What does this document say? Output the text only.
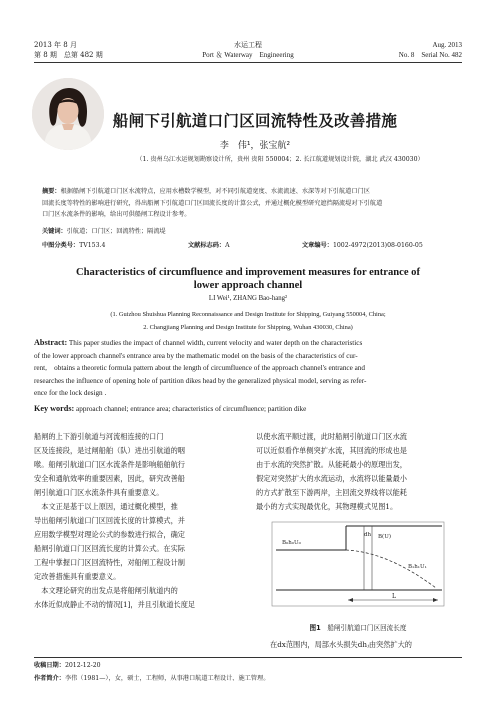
2013 年 8 月
第 8 期　总第 482 期
水运工程
Port ＆ Waterway　Engineering
Aug. 2013
No. 8　Serial No. 482
船闸下引航道口门区回流特性及改善措施
李　伟¹，张宝航²
（1. 贵州乌江水运规划勘察设计所，贵州 贵阳 550004；2. 长江航道规划设计院，湖北 武汉 430030）
摘要：根据船闸下引航道口门区水流特点，应用水槽数学模型，对不同引航道宽度、水流流速、水深等对下引航道口门区
回流长度等特性的影响进行研究，得出船闸下引航道口门区回流长度的计算公式，并通过概化模型研究遮挡隔流堤对下引航道
口门区水流条件的影响，给出可供船闸工程设计参考。
关键词：引航道；口门区；回流特性；隔流堤
中图分类号：TV153.4	文献标志码：A	文章编号：1002-4972(2013)08-0160-05
Characteristics of circumfluence and improvement measures for entrance of
lower approach channel
LI Wei¹, ZHANG Bao-hang²
(1. Guizhou Shuishua Planning Reconnaissance and Design Institute for Shipping, Guiyang 550004, China;
2. Changjiang Planning and Design Institute for Shipping, Wuhan 430030, China)
Abstract: This paper studies the impact of channel width, current velocity and water depth on the characteristics
of the lower approach channel's entrance area by the mathematic model on the basis of the characteristics of cur-
rent,　obtains a theoretic formula pattern about the length of circumfluence of the approach channel's entrance and
researches the influence of opening hole of partition dikes head by the generalized physical model, serving as refer-
ence for the lock design .
Key words: approach channel; entrance area; characteristics of circumfluence; partition dike
船闸的上下游引航道与河流相连接的口门
区及连接段，是过闸船舶（队）进出引航道的咽
喉。船闸引航道口门区水流条件是影响船舶航行
安全和通航效率的重要因素，因此，研究改善船
闸引航道口门区水流条件具有重要意义。
　本文正是基于以上原因，通过概化模型，推
导出船闸引航道口门区回流长度的计算模式，并
应用数学模型对理论公式的参数进行拟合，确定
船闸引航道口门区回流长度的计算公式。在实际
工程中掌握口门区回流特性，对船闸工程设计制
定改善措施具有重要意义。
　本文理论研究的出发点是将船闸引航道内的
水体近似成静止不动的情况[1]，并且引航道长度足
以使水流平顺过渡，此时船闸引航道口门区水流
可以近似看作单侧突扩水流，其回流的形成也是
由于水流的突然扩散。从能耗最小的原理出发，
假定对突然扩大的水流运动，水流将以能量最小
的方式扩散至下游两岸，主回流交界线将以能耗
最小的方式实现最优化，其物理模式见图1。
B₀h₀U₀
dh B(U)
B₁h₁U₁
L
图1　 船闸引航道口门区回流长度
在dx范围内，局部水头损失dhⱼ由突然扩大的
收稿日期：2012-12-20
作者简介：李伟（1981—），女，硕士，工程师，从事港口航道工程设计、施工管理。
